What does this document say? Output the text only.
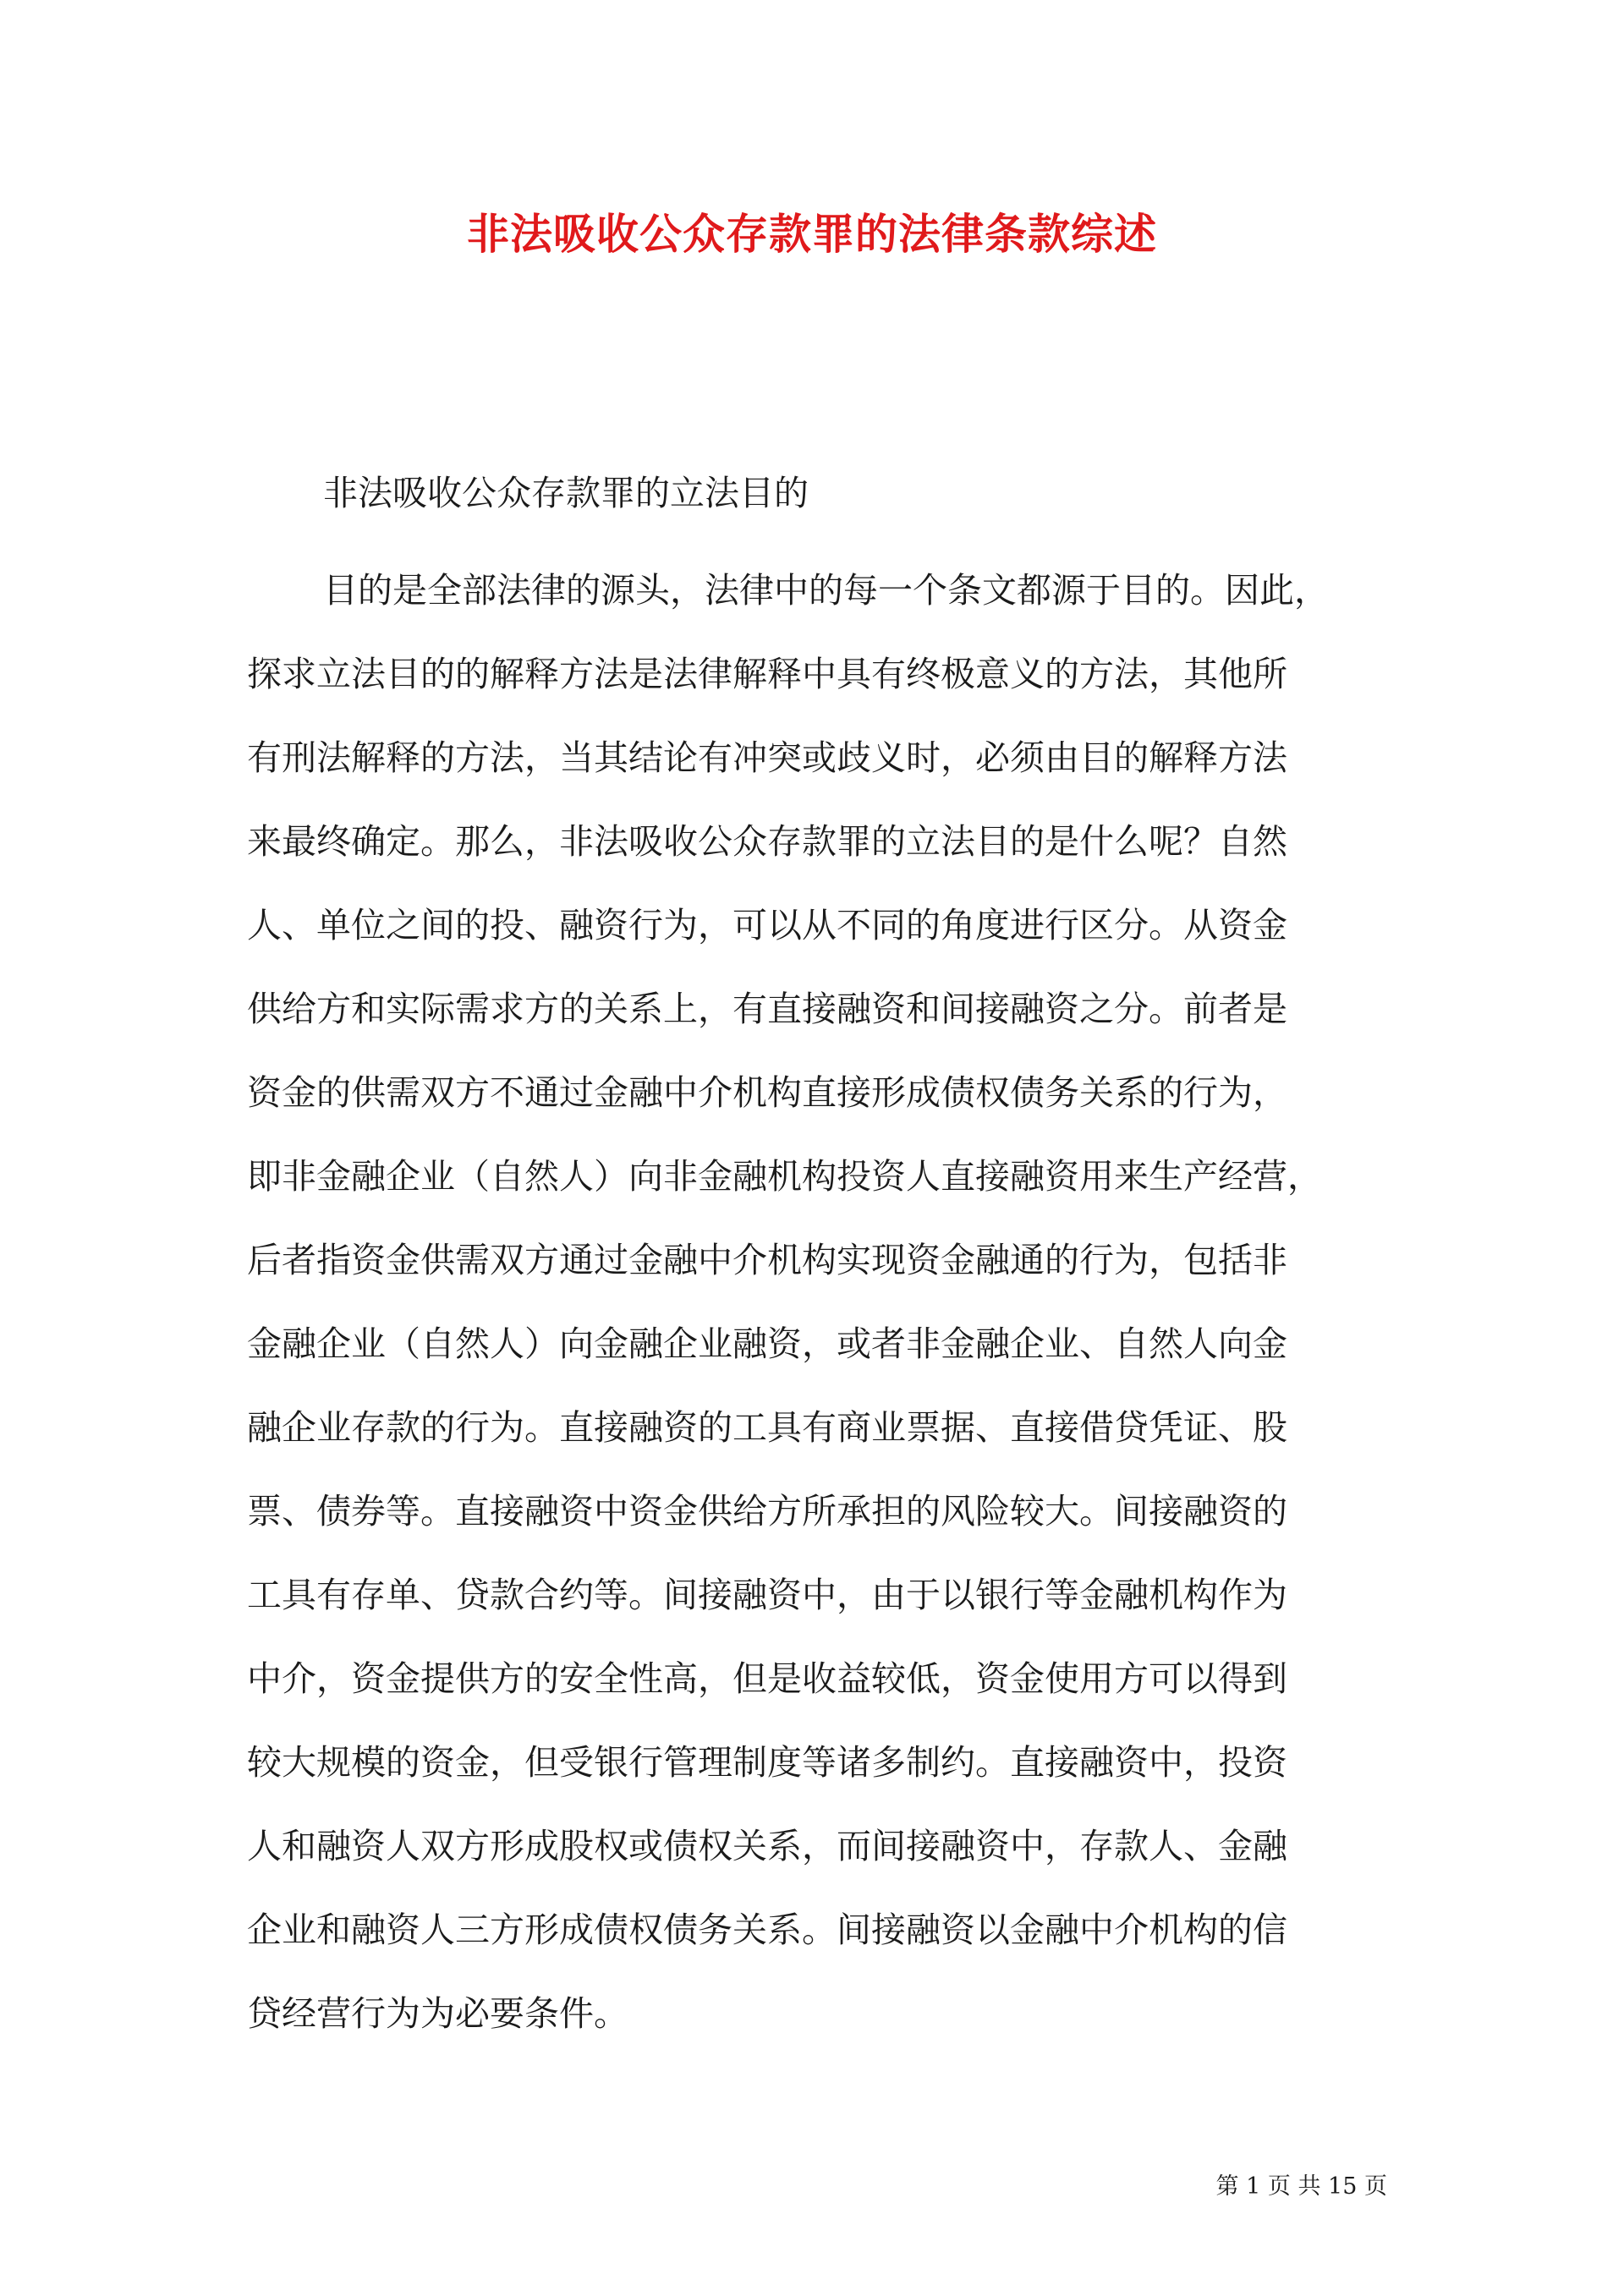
非法吸收公众存款罪的法律条款综述

非法吸收公众存款罪的立法目的

目的是全部法律的源头，法律中的每一个条文都源于目的。因此，
探求立法目的的解释方法是法律解释中具有终极意义的方法，其他所
有刑法解释的方法，当其结论有冲突或歧义时，必须由目的解释方法
来最终确定。那么，非法吸收公众存款罪的立法目的是什么呢？自然
人、单位之间的投、融资行为，可以从不同的角度进行区分。从资金
供给方和实际需求方的关系上，有直接融资和间接融资之分。前者是
资金的供需双方不通过金融中介机构直接形成债权债务关系的行为，
即非金融企业（自然人）向非金融机构投资人直接融资用来生产经营，
后者指资金供需双方通过金融中介机构实现资金融通的行为，包括非
金融企业（自然人）向金融企业融资，或者非金融企业、自然人向金
融企业存款的行为。直接融资的工具有商业票据、直接借贷凭证、股
票、债券等。直接融资中资金供给方所承担的风险较大。间接融资的
工具有存单、贷款合约等。间接融资中，由于以银行等金融机构作为
中介，资金提供方的安全性高，但是收益较低，资金使用方可以得到
较大规模的资金，但受银行管理制度等诸多制约。直接融资中，投资
人和融资人双方形成股权或债权关系，而间接融资中，存款人、金融
企业和融资人三方形成债权债务关系。间接融资以金融中介机构的信
贷经营行为为必要条件。

第 1 页 共 15 页
